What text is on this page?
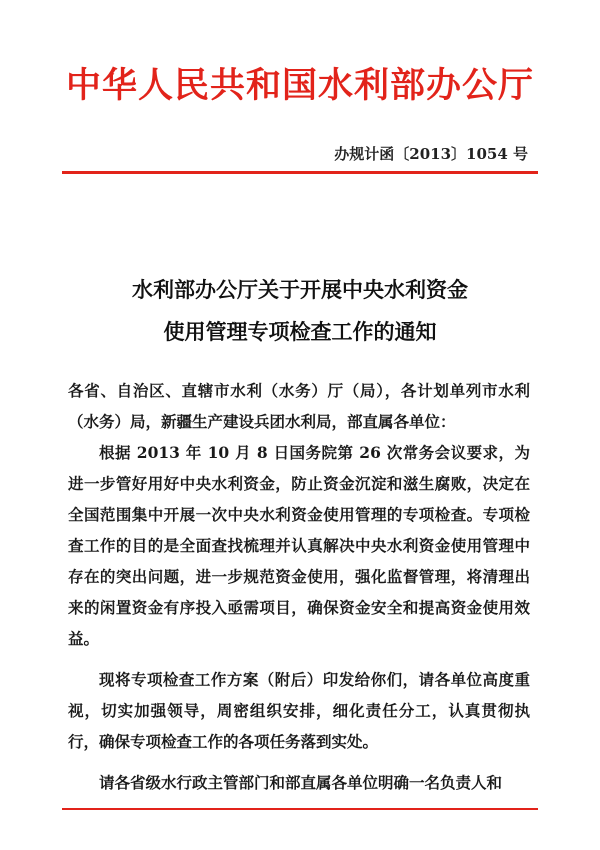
中华人民共和国水利部办公厅
办规计函〔2013〕1054 号
水利部办公厅关于开展中央水利资金
使用管理专项检查工作的通知

各省、自治区、直辖市水利（水务）厅（局），各计划单列市水利（水务）局，新疆生产建设兵团水利局，部直属各单位：

根据 2013 年 10 月 8 日国务院第 26 次常务会议要求，为进一步管好用好中央水利资金，防止资金沉淀和滋生腐败，决定在全国范围集中开展一次中央水利资金使用管理的专项检查。专项检查工作的目的是全面查找梳理并认真解决中央水利资金使用管理中存在的突出问题，进一步规范资金使用，强化监督管理，将清理出来的闲置资金有序投入亟需项目，确保资金安全和提高资金使用效益。

现将专项检查工作方案（附后）印发给你们，请各单位高度重视，切实加强领导，周密组织安排，细化责任分工，认真贯彻执行，确保专项检查工作的各项任务落到实处。

请各省级水行政主管部门和部直属各单位明确一名负责人和
